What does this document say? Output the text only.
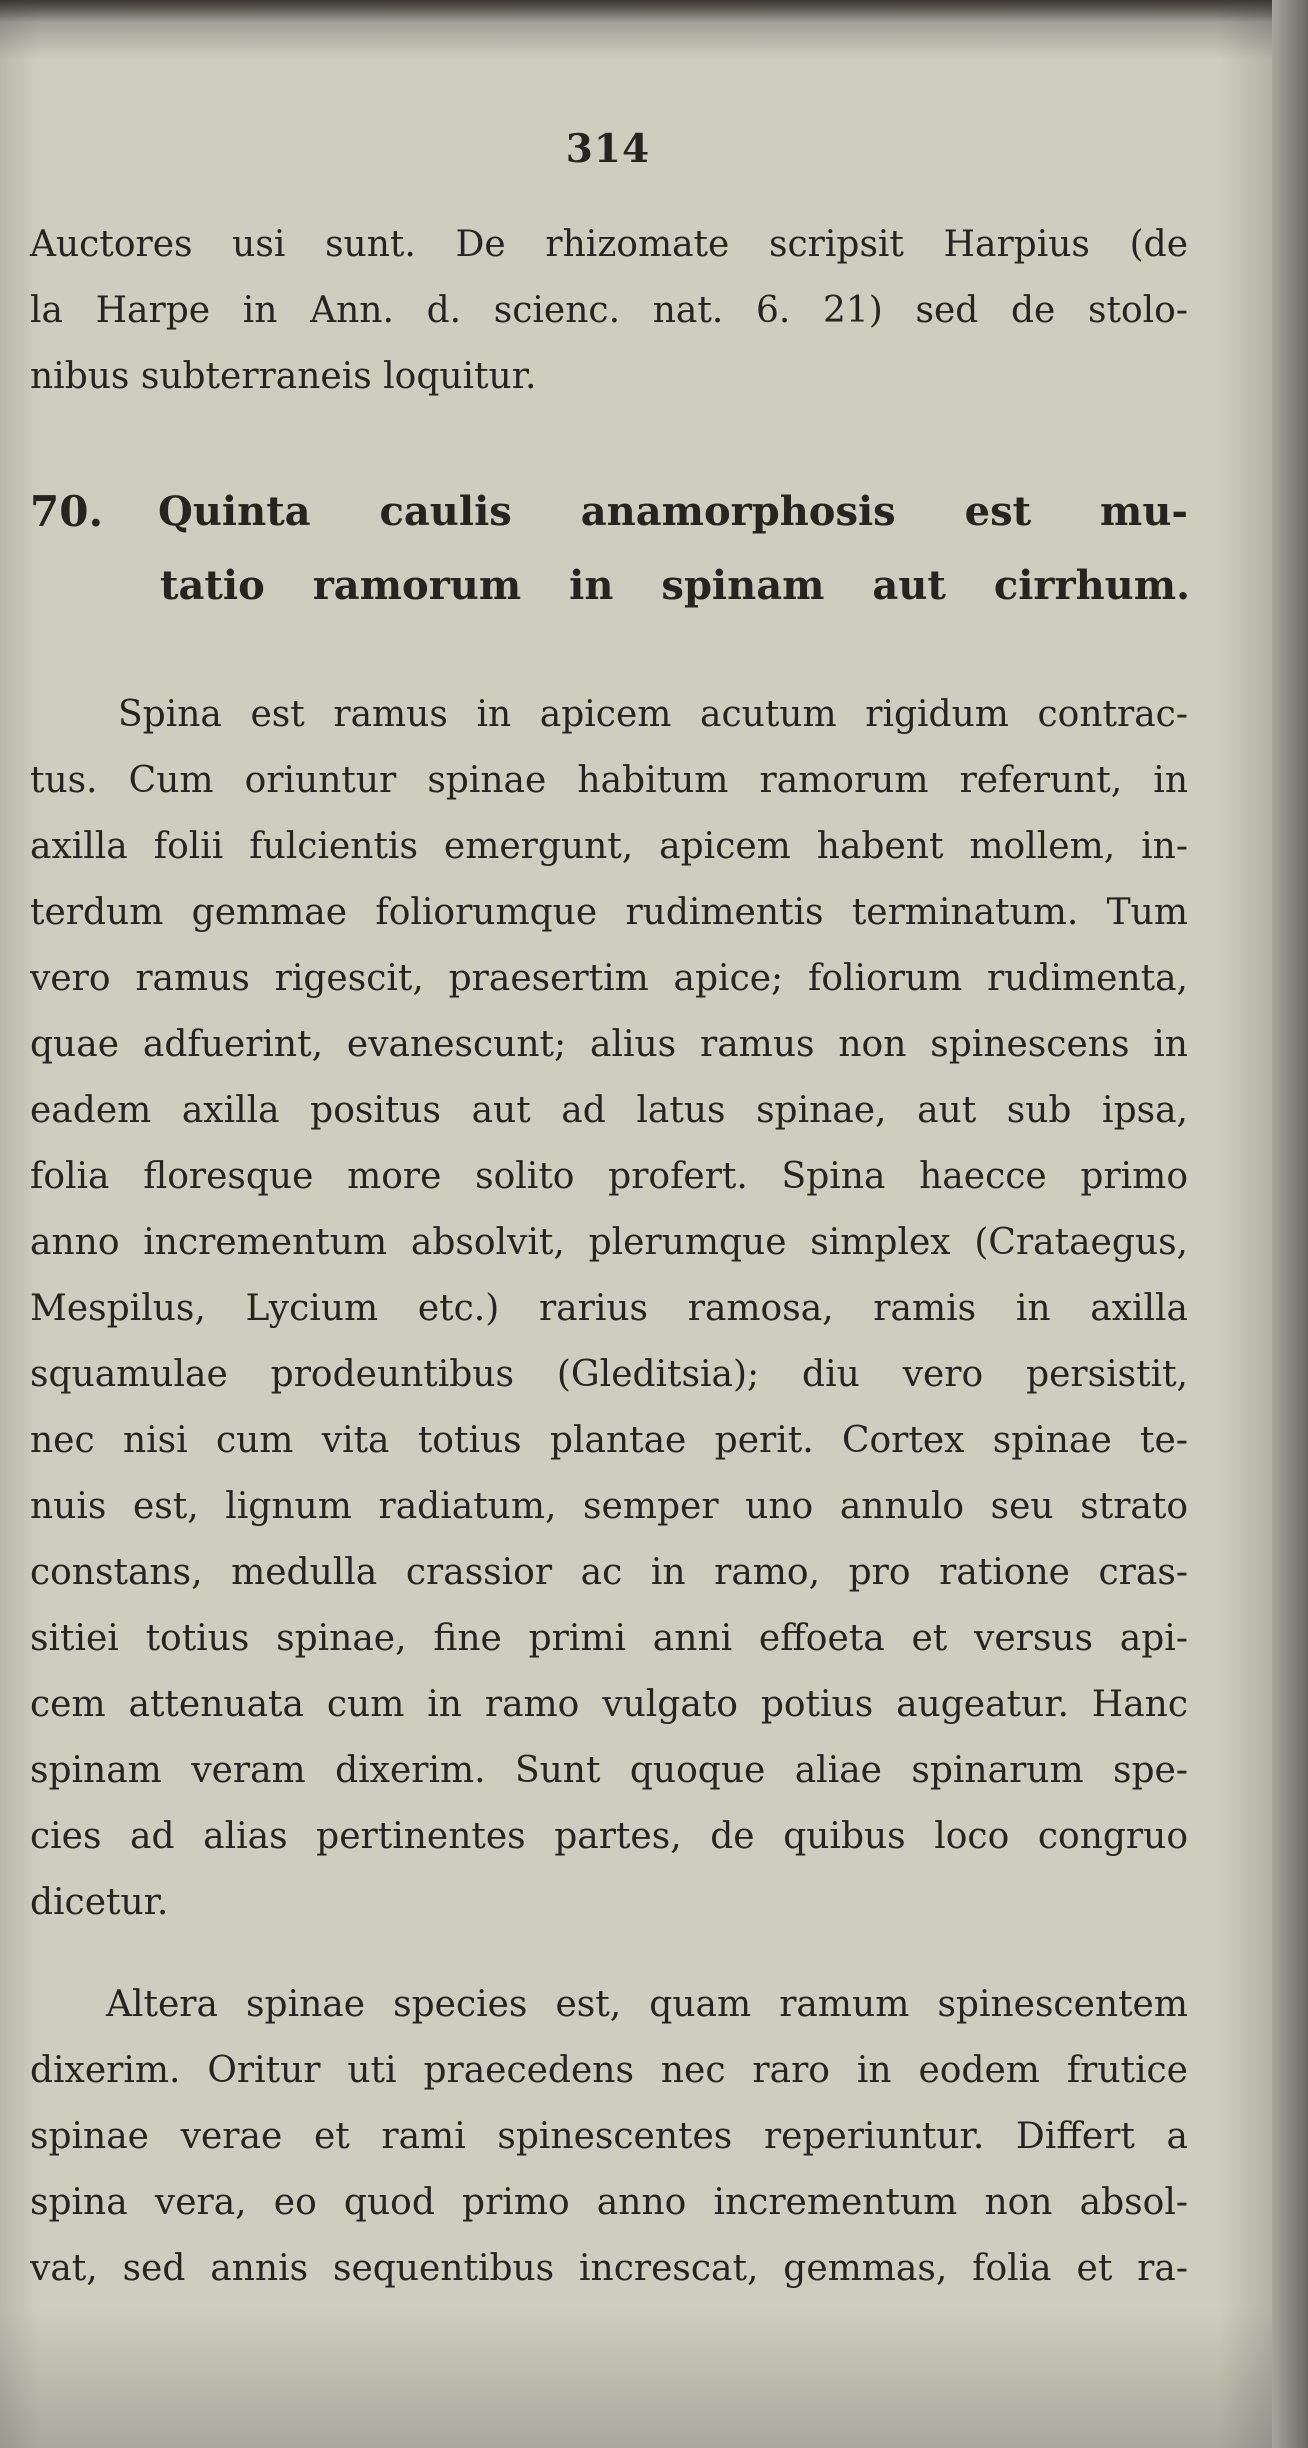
314
Auctores usi sunt. De rhizomate scripsit Harpius (de
la Harpe in Ann. d. scienc. nat. 6. 21) sed de stolo-
nibus subterraneis loquitur.
70. Quinta caulis anamorphosis est mu-
tatio ramorum in spinam aut cirrhum.
Spina est ramus in apicem acutum rigidum contrac-
tus. Cum oriuntur spinae habitum ramorum referunt, in
axilla folii fulcientis emergunt, apicem habent mollem, in-
terdum gemmae foliorumque rudimentis terminatum. Tum
vero ramus rigescit, praesertim apice; foliorum rudimenta,
quae adfuerint, evanescunt; alius ramus non spinescens in
eadem axilla positus aut ad latus spinae, aut sub ipsa,
folia floresque more solito profert. Spina haecce primo
anno incrementum absolvit, plerumque simplex (Crataegus,
Mespilus, Lycium etc.) rarius ramosa, ramis in axilla
squamulae prodeuntibus (Gleditsia); diu vero persistit,
nec nisi cum vita totius plantae perit. Cortex spinae te-
nuis est, lignum radiatum, semper uno annulo seu strato
constans, medulla crassior ac in ramo, pro ratione cras-
sitiei totius spinae, fine primi anni effoeta et versus api-
cem attenuata cum in ramo vulgato potius augeatur. Hanc
spinam veram dixerim. Sunt quoque aliae spinarum spe-
cies ad alias pertinentes partes, de quibus loco congruo
dicetur.
Altera spinae species est, quam ramum spinescentem
dixerim. Oritur uti praecedens nec raro in eodem frutice
spinae verae et rami spinescentes reperiuntur. Differt a
spina vera, eo quod primo anno incrementum non absol-
vat, sed annis sequentibus increscat, gemmas, folia et ra-
